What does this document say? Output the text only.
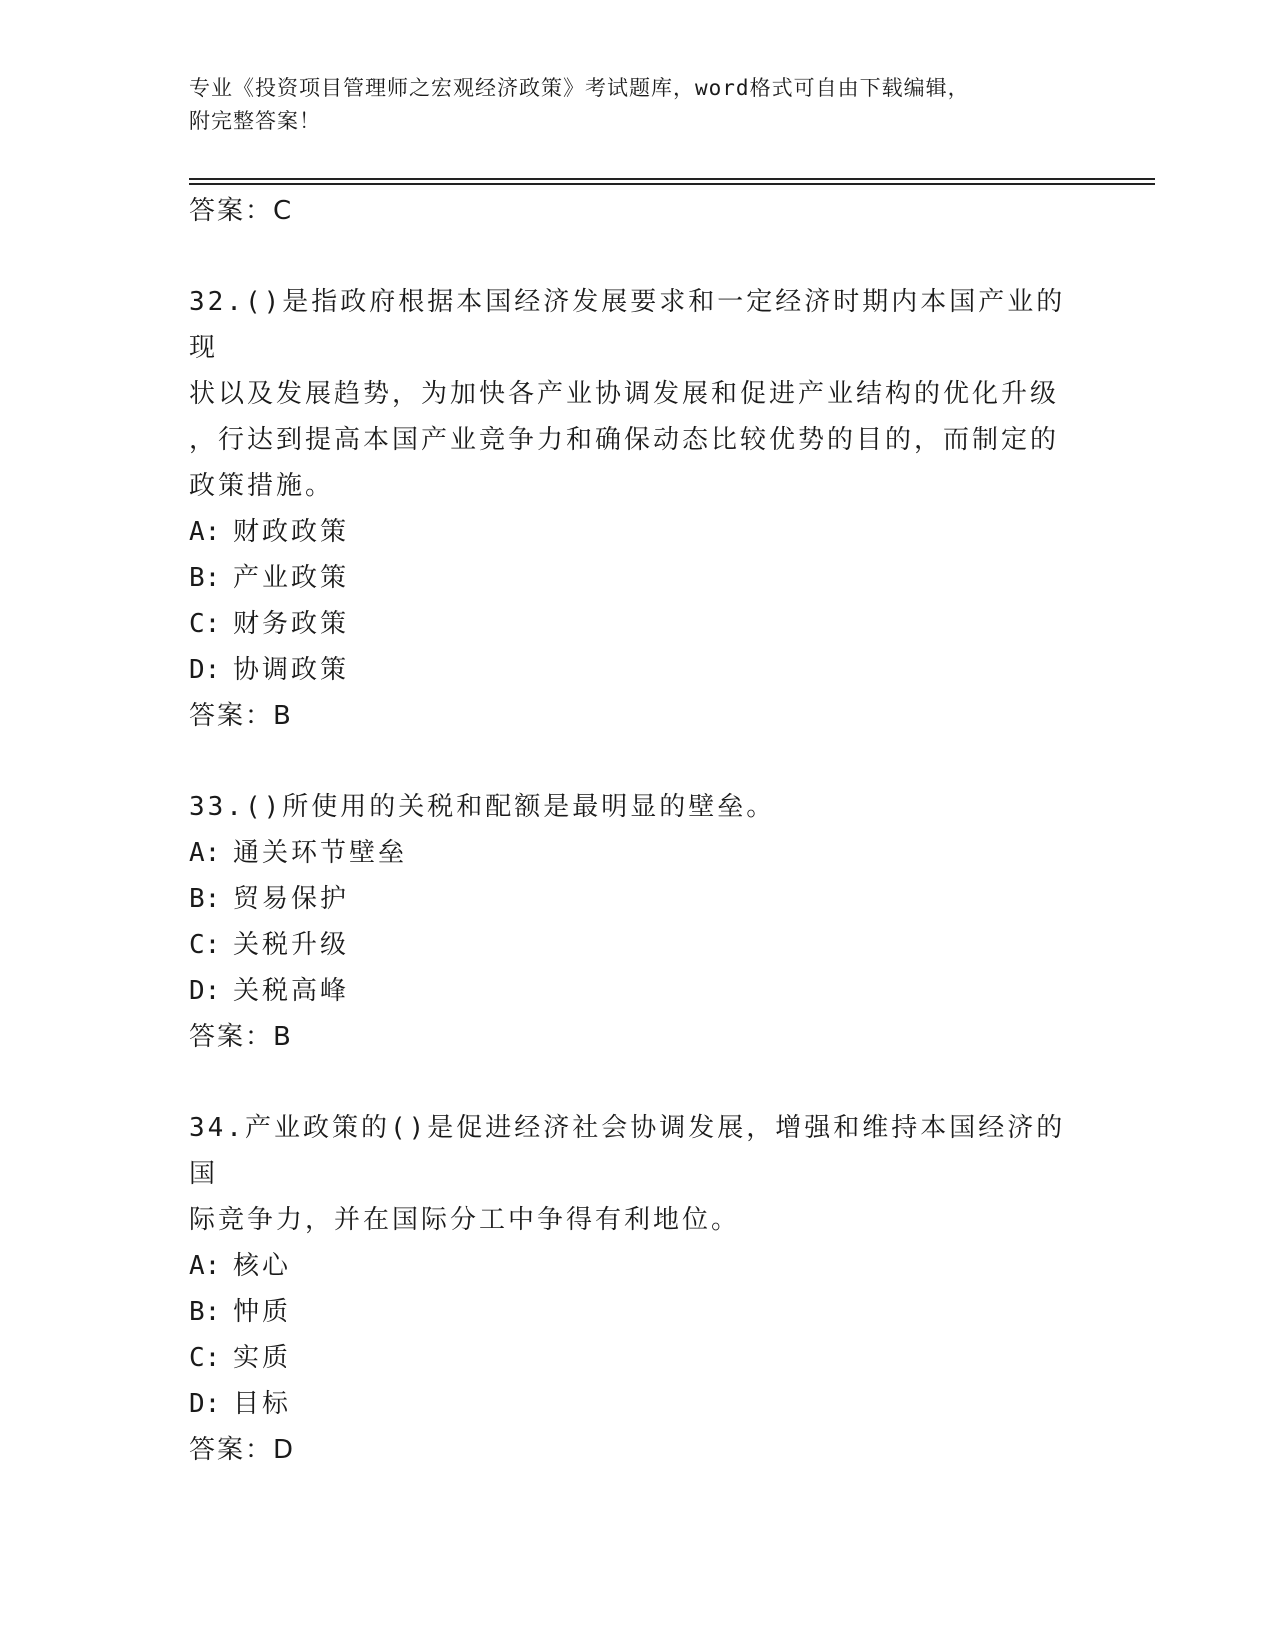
专业《投资项目管理师之宏观经济政策》考试题库，word格式可自由下载编辑，
附完整答案！
答案：C
32.()是指政府根据本国经济发展要求和一定经济时期内本国产业的现
状以及发展趋势，为加快各产业协调发展和促进产业结构的优化升级
，行达到提高本国产业竞争力和确保动态比较优势的目的，而制定的
政策措施。
A: 财政政策
B: 产业政策
C: 财务政策
D: 协调政策
答案：B
33.()所使用的关税和配额是最明显的壁垒。
A: 通关环节壁垒
B: 贸易保护
C: 关税升级
D: 关税高峰
答案：B
34.产业政策的()是促进经济社会协调发展，增强和维持本国经济的国
际竞争力，并在国际分工中争得有利地位。
A: 核心
B: 忡质
C: 实质
D: 目标
答案：D
